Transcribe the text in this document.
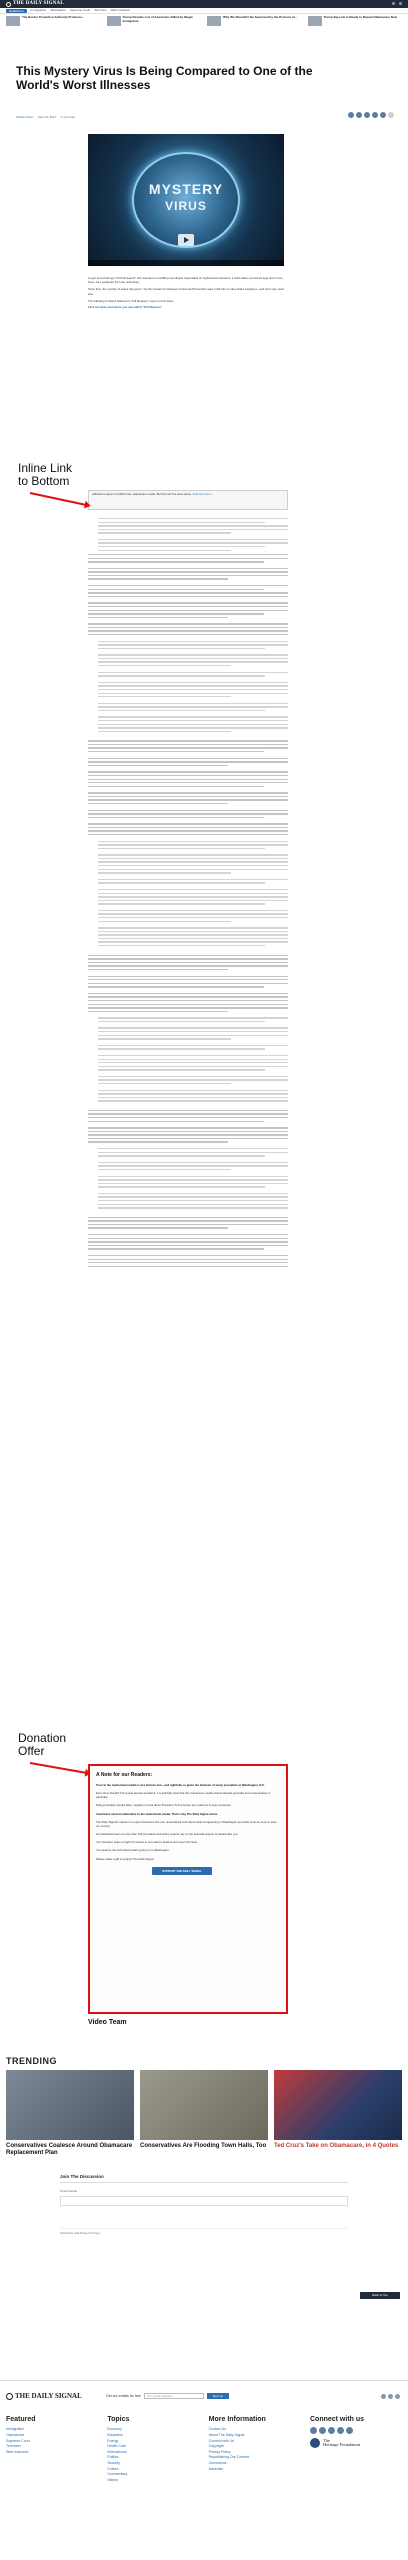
THE DAILY SIGNAL
Healthcare	Immigration Obamacare Supreme Court Terrorism Web exclusive
The Border Protection Authority Promises...	Trump Reveals List of Americans Killed by Illegal Immigrants
Why We Shouldn't Be Surprised by the Protests at...	Trump Says He Is Ready to Repeal Obamacare Now
This Mystery Virus Is Being Compared to One of the World's Worst Illnesses
Kristen Dann June 02, 2017 4 min read
MYSTERY
VIRUS

A year and a half ago "Fox5 Research" first reported on a baffling new illness responsible for nightmarish scenarios: a child wakes up and his legs don't move. Soon, he's paralyzed from the neck down.

Since then, the number of cases has grown. Yet the Centers for Disease Control and Prevention says it still has no idea what's causing it—and won't say much else.

The following is Sharyl Attkisson's "Full Measure" report on this issue.

Find out when and where you can watch "Full Measure"

Attkisson's report on AFM is the mainstream media. But this can't be done alone. Find out more »
Inline Link
to Bottom
Donation
Offer
A Note for our Readers:

Trust in the mainstream media is at a historic low—and rightfully so given the behavior of many journalists in Washington, D.C.

Ever since Donald Trump was elected president, it is painfully clear that the mainstream media obsess liberals generally and conservatives in particular.

Daily journalists spread false, negative rumors about President Trump before any evidence is even produced.

Americans need an alternative to the mainstream media. That's why The Daily Signal exists.

The Daily Signal's mission is to give Americans the real, unvarnished truth about what is happening in Washington and what must be done to save our country.

Our dedicated team of more than 100 journalists and policy experts rely on the financial support of patriots like you.

Your donation helps us fight for access to our nation's leaders and report the facts.

You deserve the truth about what's going on in Washington.

Please make a gift to support The Daily Signal.

SUPPORT THE DAILY SIGNAL
Video Team
TRENDING
Conservatives Coalesce Around Obamacare Replacement Plan
Conservatives Are Flooding Town Halls, Too Ted Cruz's Take on Obamacare, in 4 Quotes
Join The Discussion
0 Comments
Subscribe Add Disqus Privacy
Back to Top
THE DAILY SIGNAL	Get our emails for free	Your email address	Sign Up
Featured
Immigration
Obamacare
Supreme Court
Terrorism
Web exclusive
Topics
Economy
Education
Energy
Health Care
International
Politics
Security
Culture
Commentary
Videos
More Information
Contact Us
About The Daily Signal
Connect with Us
Copyright
Privacy Policy
Republishing Our Content
Corrections
Advertise
Connect with us
The
Heritage Foundation
